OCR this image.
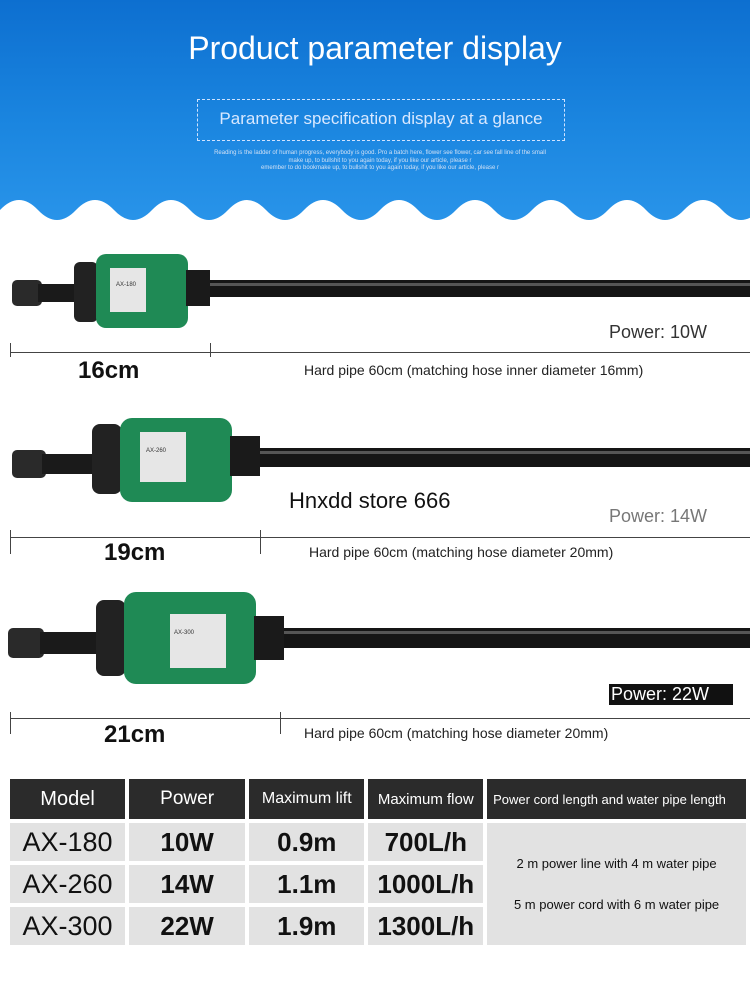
Product parameter display
Parameter specification display at a glance
Reading is the ladder of human progress, everybody is good. Pro a batch here, flower see flower, car see fall line of the small
make up, to bullshit to you again today, if you like our article, please r
emember to do bookmake up, to bullshit to you again today, if you like our article, please r
AX-180
16cm	Hard pipe 60cm (matching hose inner diameter 16mm)
Power: 10W
AX-260
Hnxdd store 666
Power: 14W
19cm	Hard pipe 60cm (matching hose diameter 20mm)
AX-300
Power: 22W
21cm	Hard pipe 60cm (matching hose diameter 20mm)
Model	Power	Maximum lift	Maximum flow	Power cord length and water pipe length
AX-180	10W	0.9m	700L/h	2 m power line with 4 m water pipe
5 m power cord with 6 m water pipe

AX-260	14W	1.1m	1000L/h	
AX-300	22W	1.9m	1300L/h	
